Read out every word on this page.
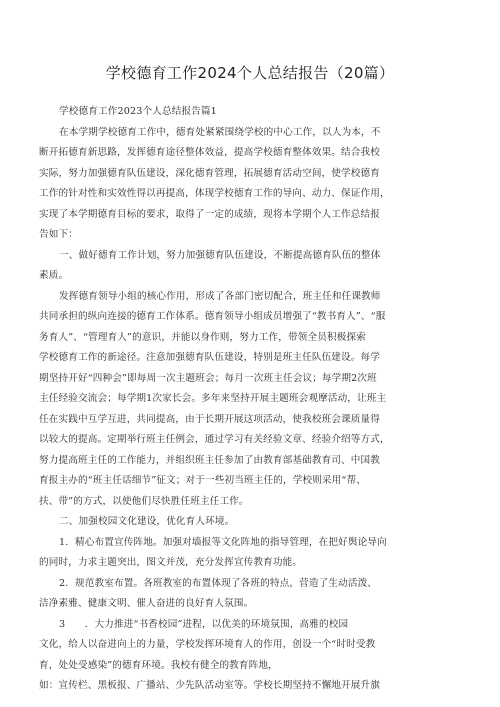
学校德育工作2024个人总结报告（20篇）
学校德育工作2023个人总结报告篇1
在本学期学校德育工作中，德育处紧紧围绕学校的中心工作，以人为本，不
断开拓德育新思路，发挥德育途径整体效益，提高学校德育整体效果。结合我校
实际，努力加强德育队伍建设，深化德育管理，拓展德育活动空间，使学校德育
工作的针对性和实效性得以再提高，体现学校德育工作的导向、动力、保证作用，
实现了本学期德育目标的要求，取得了一定的成绩，现将本学期个人工作总结报
告如下：
一、做好德育工作计划，努力加强德育队伍建设，不断提高德育队伍的整体
素质。
发挥德育领导小组的核心作用，形成了各部门密切配合，班主任和任课教师
共同承担的纵向连接的德育工作体系。德育领导小组成员增强了“教书育人”、“服
务育人”、“管理育人”的意识，并能以身作则，努力工作，带领全员积极探索
学校德育工作的新途径。注意加强德育队伍建设，特别是班主任队伍建设。每学
期坚持开好“四种会”即每周一次主题班会；每月一次班主任会议；每学期2次班
主任经验交流会；每学期1次家长会。多年来坚持开展主题班会观摩活动，让班主
任在实践中互学互进，共同提高，由于长期开展这项活动，使我校班会课质量得
以较大的提高。定期举行班主任例会，通过学习有关经验文章、经验介绍等方式，
努力提高班主任的工作能力，并组织班主任参加了由教育部基础教育司、中国教
育报主办的“班主任话细节”征文；对于一些初当班主任的，学校则采用“帮、
扶、带”的方式，以使他们尽快胜任班主任工作。
二、加强校园文化建设，优化育人环境。
1．精心布置宣传阵地。加强对墙报等文化阵地的指导管理，在把好舆论导向
的同时，力求主题突出，图文并茂，充分发挥宣传教育功能。
2．规范教室布置。各班教室的布置体现了各班的特点，营造了生动活泼、
洁净素雅、健康文明、催人奋进的良好育人氛围。
3　　．大力推进“书香校园”进程，以优美的环境氛围，高雅的校园
文化，给人以奋进向上的力量，学校发挥环境育人的作用，创设一个“时时受教
育，处处受感染”的德育环境。我校有健全的教育阵地，
如：宣传栏、黑板报、广播站、少先队活动室等。学校长期坚持不懈地开展升旗
